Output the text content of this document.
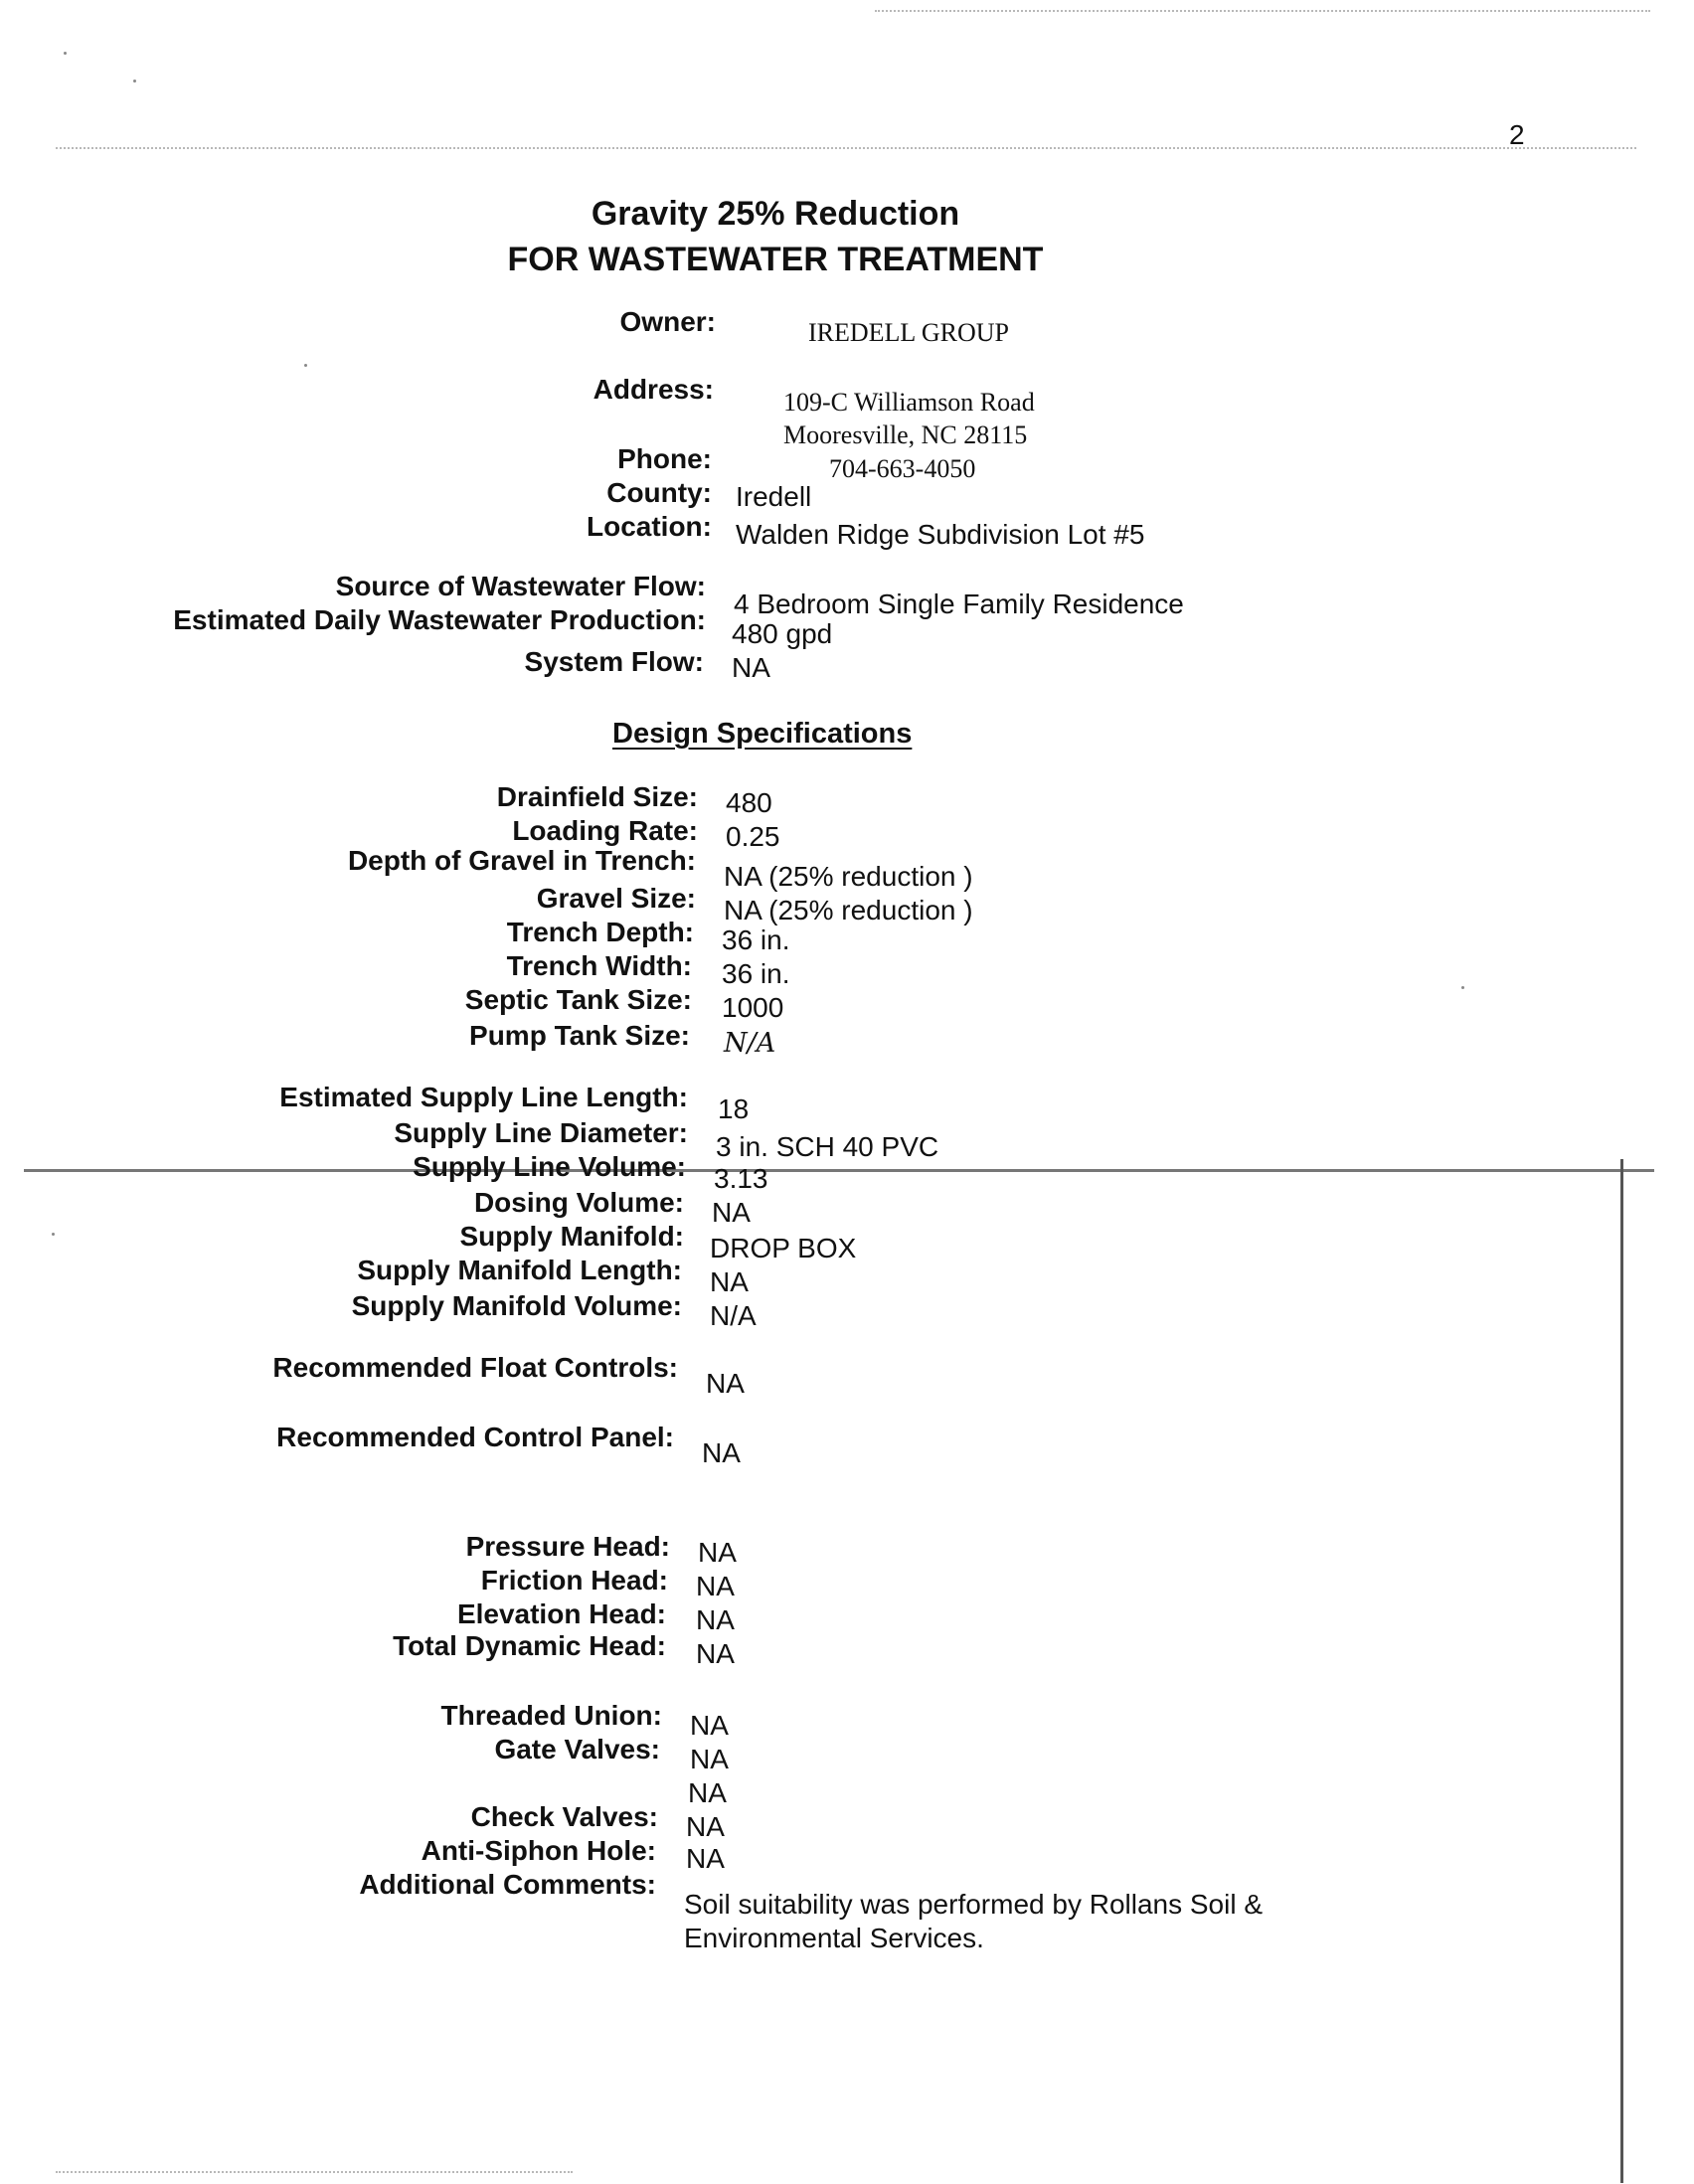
2
Gravity 25% Reduction
FOR WASTEWATER TREATMENT
Owner:	IREDELL GROUP
Address:	109-C Williamson Road
Mooresville, NC 28115
Phone:	704-663-4050
County: Iredell
Location: Walden Ridge Subdivision Lot #5
Source of Wastewater Flow:
4 Bedroom Single Family Residence
Estimated Daily Wastewater Production: 480 gpd
System Flow: NA
Design Specifications
Drainfield Size: 480
Loading Rate: 0.25
Depth of Gravel in Trench:
NA (25% reduction )
Gravel Size: NA (25% reduction )
Trench Depth: 36 in.
Trench Width: 36 in.
Septic Tank Size: 1000
Pump Tank Size: N/A
Estimated Supply Line Length: 18
Supply Line Diameter: 3 in. SCH 40 PVC
Supply Line Volume: 3.13
Dosing Volume: NA
Supply Manifold: DROP BOX
Supply Manifold Length: NA
Supply Manifold Volume: N/A
Recommended Float Controls:
NA
Recommended Control Panel:
NA
Pressure Head: NA
Friction Head: NA
Elevation Head: NA
Total Dynamic Head: NA
Threaded Union: NA
Gate Valves: NA
NA
Check Valves: NA
Anti-Siphon Hole: NA
Additional Comments:
Soil suitability was performed by Rollans Soil &
Environmental Services.
